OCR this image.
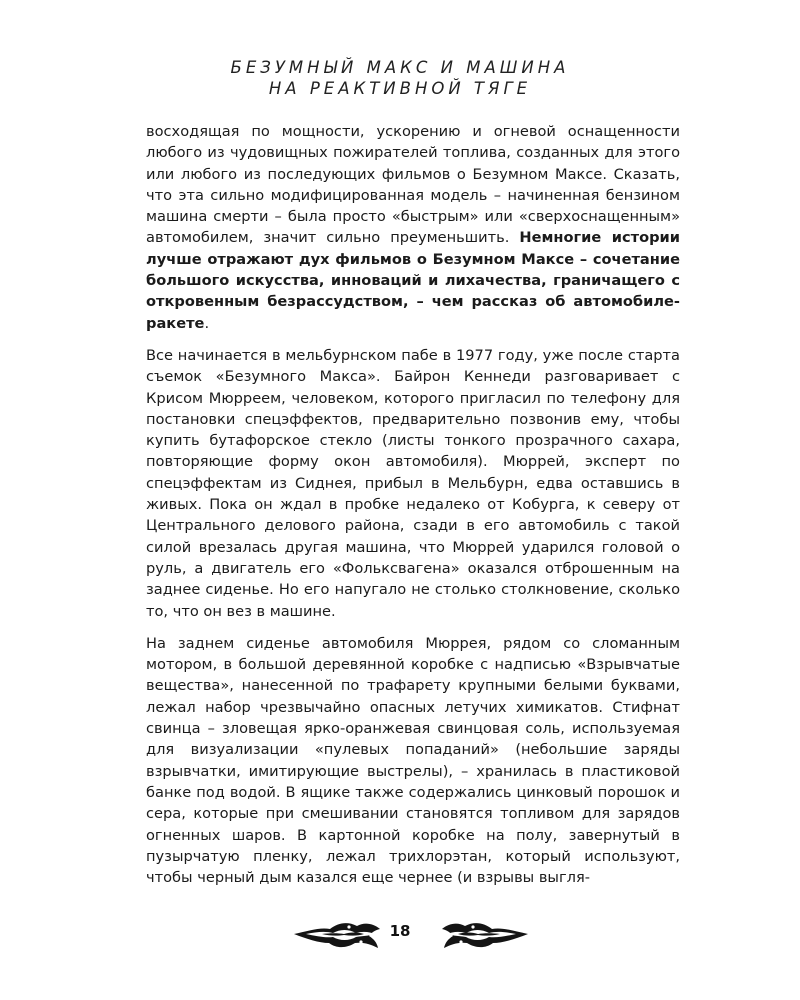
БЕЗУМНЫЙ МАКС И МАШИНА
НА РЕАКТИВНОЙ ТЯГЕ

восходящая по мощности, ускорению и огневой оснащенности любого из чудовищных пожирателей топлива, созданных для этого или любого из последующих фильмов о Безумном Максе. Сказать, что эта сильно модифицированная модель – начиненная бензином машина смерти – была просто «быстрым» или «сверхоснащенным» автомобилем, значит сильно преуменьшить. Немногие истории лучше отражают дух фильмов о Безумном Максе – сочетание большого искусства, инноваций и лихачества, граничащего с откровенным безрассудством, – чем рассказ об автомобиле-ракете.

Все начинается в мельбурнском пабе в 1977 году, уже после старта съемок «Безумного Макса». Байрон Кеннеди разговаривает с Крисом Мюрреем, человеком, которого пригласил по телефону для постановки спецэффектов, предварительно позвонив ему, чтобы купить бутафорское стекло (листы тонкого прозрачного сахара, повторяющие форму окон автомобиля). Мюррей, эксперт по спецэффектам из Сиднея, прибыл в Мельбурн, едва оставшись в живых. Пока он ждал в пробке недалеко от Кобурга, к северу от Центрального делового района, сзади в его автомобиль с такой силой врезалась другая машина, что Мюррей ударился головой о руль, а двигатель его «Фольксвагена» оказался отброшенным на заднее сиденье. Но его напугало не столько столкновение, сколько то, что он вез в машине.

На заднем сиденье автомобиля Мюррея, рядом со сломанным мотором, в большой деревянной коробке с надписью «Взрывчатые вещества», нанесенной по трафарету крупными белыми буквами, лежал набор чрезвычайно опасных летучих химикатов. Стифнат свинца – зловещая ярко-оранжевая свинцовая соль, используемая для визуализации «пулевых попаданий» (небольшие заряды взрывчатки, имитирующие выстрелы), – хранилась в пластиковой банке под водой. В ящике также содержались цинковый порошок и сера, которые при смешивании становятся топливом для зарядов огненных шаров. В картонной коробке на полу, завернутый в пузырчатую пленку, лежал трихлорэтан, который используют, чтобы черный дым казался еще чернее (и взрывы выгля-

18
